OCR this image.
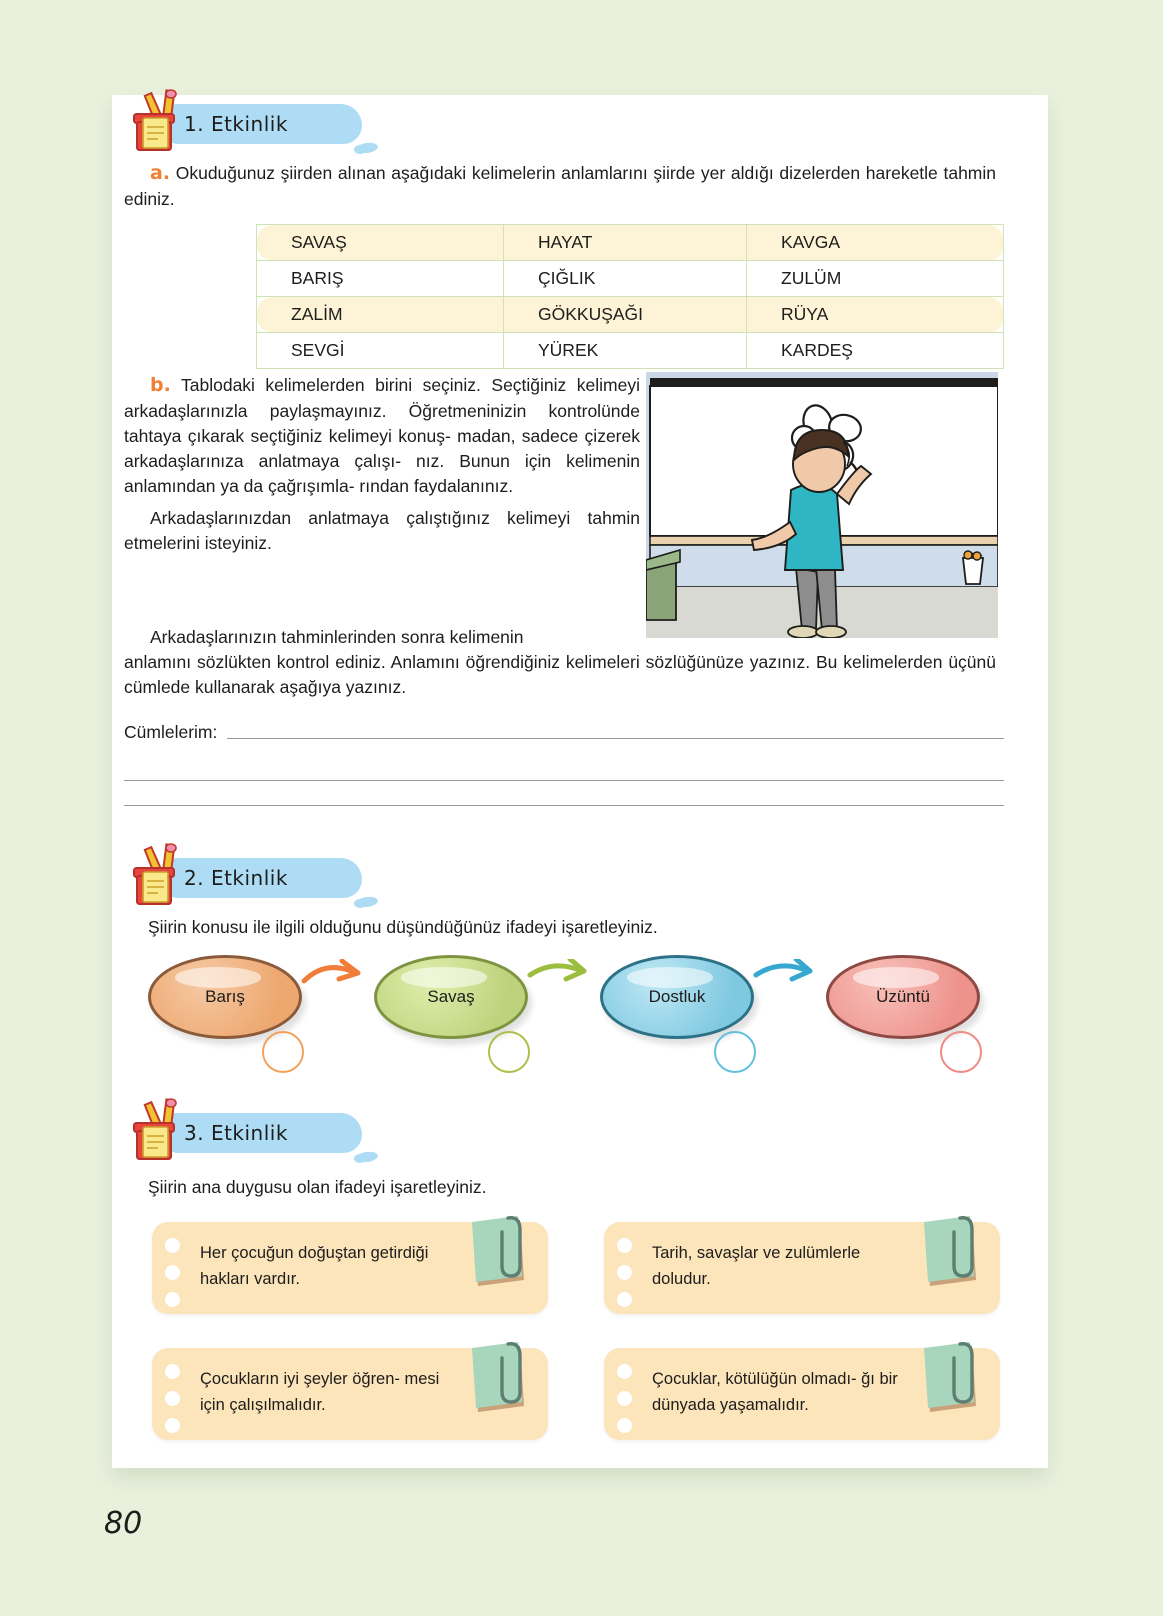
1. Etkinlik

a. Okuduğunuz şiirden alınan aşağıdaki kelimelerin anlamlarını şiirde yer aldığı dizelerden hareketle tahmin ediniz.

SAVAŞ	HAYAT	KAVGA
BARIŞ	ÇIĞLIK	ZULÜM
ZALİM	GÖKKUŞAĞI	RÜYA
SEVGİ	YÜREK	KARDEŞ

b. Tablodaki kelimelerden birini seçiniz. Seçtiğiniz kelimeyi arkadaşlarınızla paylaşmayınız. Öğretmeninizin kontrolünde tahtaya çıkarak seçtiğiniz kelimeyi konuş- madan, sadece çizerek arkadaşlarınıza anlatmaya çalışı- nız. Bunun için kelimenin anlamından ya da çağrışımla- rından faydalanınız.

Arkadaşlarınızdan anlatmaya çalıştığınız kelimeyi tahmin etmelerini isteyiniz.

Arkadaşlarınızın tahminlerinden sonra kelimenin

anlamını sözlükten kontrol ediniz. Anlamını öğrendiğiniz kelimeleri sözlüğünüze yazınız. Bu kelimelerden üçünü cümlede kullanarak aşağıya yazınız.

Cümlelerim:
2. Etkinlik

Şiirin konusu ile ilgili olduğunu düşündüğünüz ifadeyi işaretleyiniz.

Barış	Savaş	Dostluk	Üzüntü
3. Etkinlik

Şiirin ana duygusu olan ifadeyi işaretleyiniz.

Her çocuğun doğuştan getirdiği hakları vardır.
Tarih, savaşlar ve zulümlerle doludur.
Çocukların iyi şeyler öğren- mesi için çalışılmalıdır.
Çocuklar, kötülüğün olmadı- ğı bir dünyada yaşamalıdır.
80
